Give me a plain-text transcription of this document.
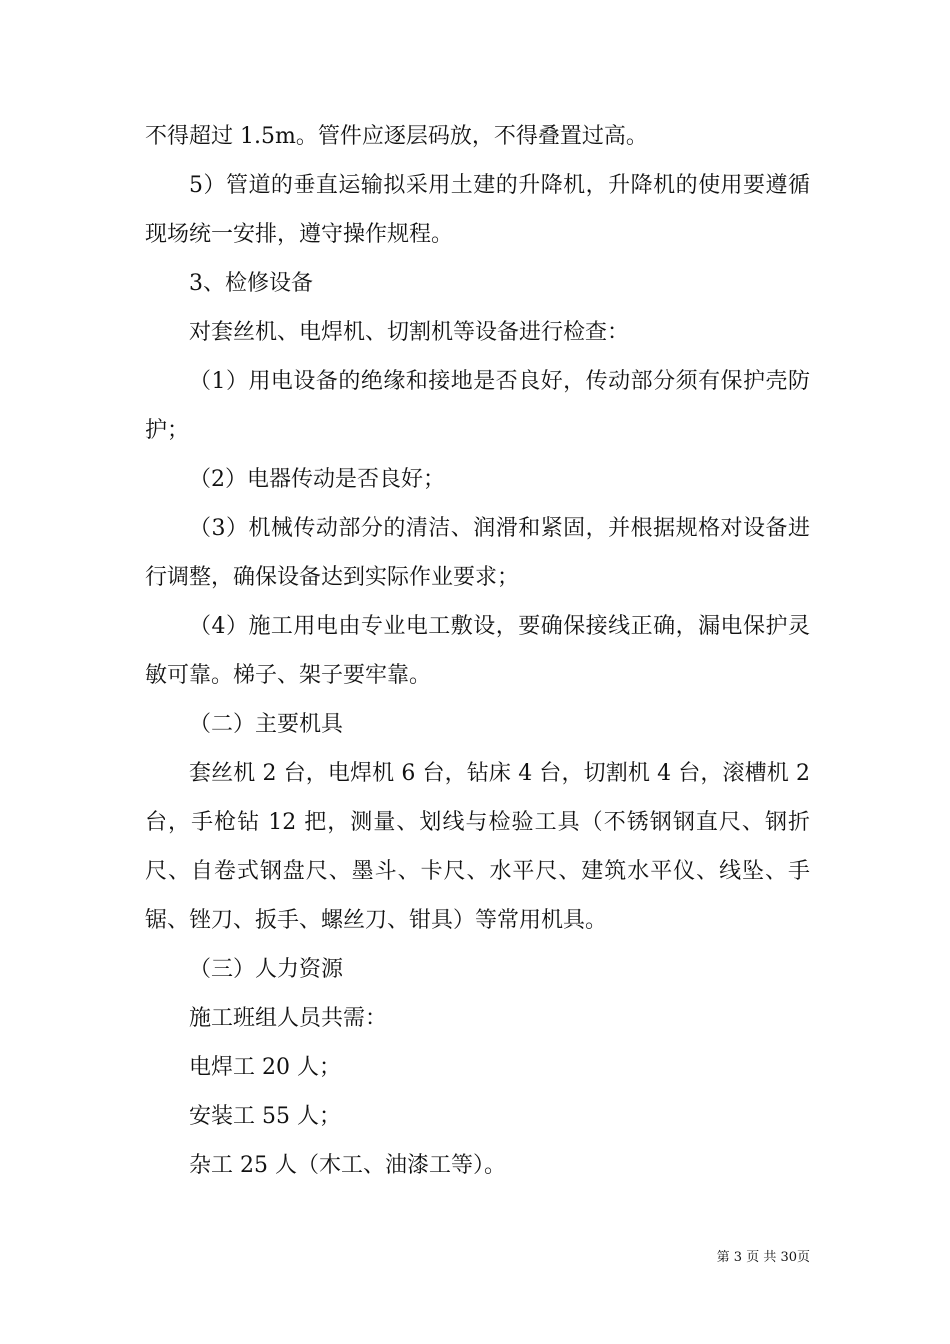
不得超过 1.5m。管件应逐层码放，不得叠置过高。

5）管道的垂直运输拟采用土建的升降机，升降机的使用要遵循现场统一安排，遵守操作规程。

3、检修设备

对套丝机、电焊机、切割机等设备进行检查：

（1）用电设备的绝缘和接地是否良好，传动部分须有保护壳防护；

（2）电器传动是否良好；

（3）机械传动部分的清洁、润滑和紧固，并根据规格对设备进行调整，确保设备达到实际作业要求；

（4）施工用电由专业电工敷设，要确保接线正确，漏电保护灵敏可靠。梯子、架子要牢靠。

（二）主要机具

套丝机 2 台，电焊机 6 台，钻床 4 台，切割机 4 台，滚槽机 2 台，手枪钻 12 把，测量、划线与检验工具（不锈钢钢直尺、钢折尺、自卷式钢盘尺、墨斗、卡尺、水平尺、建筑水平仪、线坠、手锯、锉刀、扳手、螺丝刀、钳具）等常用机具。

（三）人力资源

施工班组人员共需：

电焊工 20 人；

安装工 55 人；

杂工 25 人（木工、油漆工等）。

第 3 页 共 30页
